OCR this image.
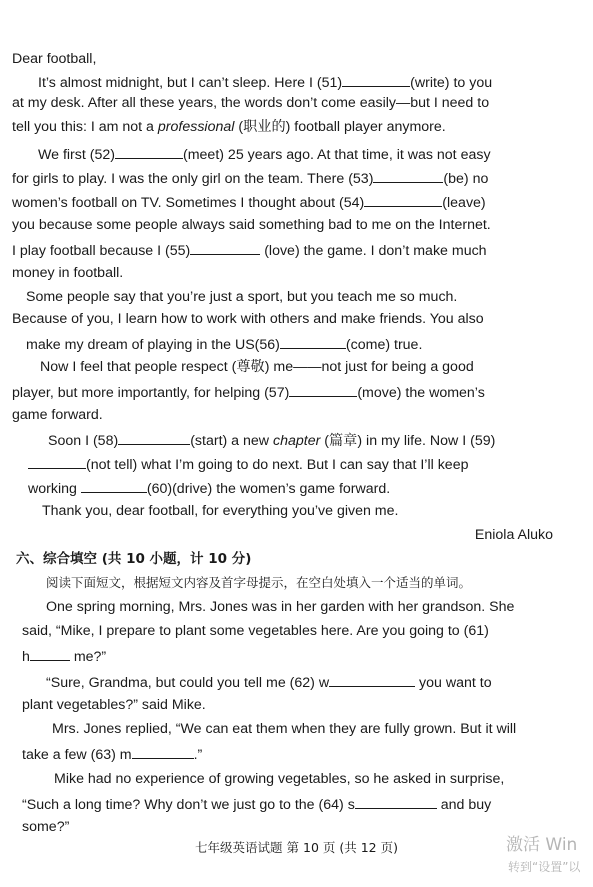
Dear football,
It’s almost midnight, but I can’t sleep. Here I (51)	(write) to you
at my desk. After all these years, the words don’t come easily—but I need to
tell you this: I am not a professional (职业的) football player anymore.
We first (52)	(meet) 25 years ago. At that time, it was not easy
for girls to play. I was the only girl on the team. There (53)	(be) no
women’s football on TV. Sometimes I thought about (54)	(leave)
you because some people always said something bad to me on the Internet.
I play football because I (55)	(love) the game. I don’t make much
money in football.
Some people say that you’re just a sport, but you teach me so much.
Because of you, I learn how to work with others and make friends. You also
make my dream of playing in the US(56)	(come) true.
Now I feel that people respect (尊敬) me——not just for being a good
player, but more importantly, for helping (57)	(move) the women’s
game forward.
Soon I (58)	(start) a new chapter (篇章) in my life. Now I (59)
(not tell) what I’m going to do next. But I can say that I’ll keep
working	(60)(drive) the women’s game forward.
Thank you, dear football, for everything you’ve given me.
Eniola Aluko
六、综合填空 (共 10 小题，计 10 分)
阅读下面短文，根据短文内容及首字母提示，在空白处填入一个适当的单词。
One spring morning, Mrs. Jones was in her garden with her grandson. She
said, “Mike, I prepare to plant some vegetables here. Are you going to (61)
h	me?”
“Sure, Grandma, but could you tell me (62) w	you want to
plant vegetables?” said Mike.
Mrs. Jones replied, “We can eat them when they are fully grown. But it will
take a few (63) m	.”
Mike had no experience of growing vegetables, so he asked in surprise,
“Such a long time? Why don’t we just go to the (64) s	and buy
some?”
七年级英语试题 第 10 页 (共 12 页)	激活 Win
转到“设置”以
